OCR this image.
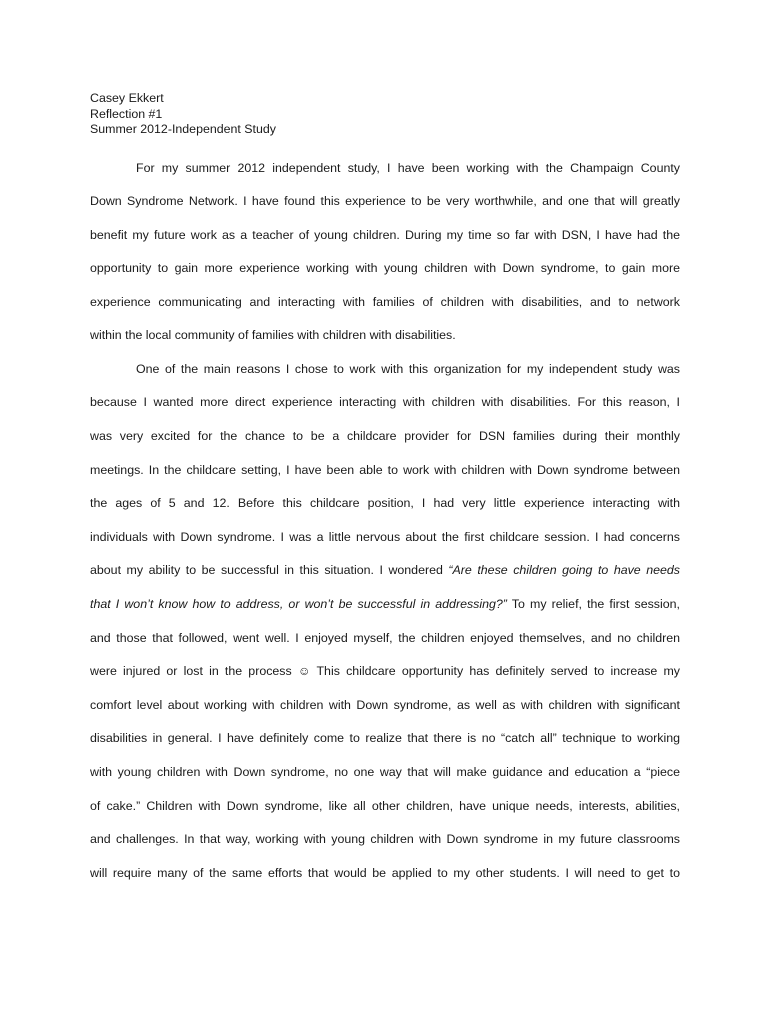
Casey Ekkert
Reflection #1
Summer 2012-Independent Study
For my summer 2012 independent study, I have been working with the Champaign County
Down Syndrome Network. I have found this experience to be very worthwhile, and one that will greatly
benefit my future work as a teacher of young children. During my time so far with DSN, I have had the
opportunity to gain more experience working with young children with Down syndrome, to gain more
experience communicating and interacting with families of children with disabilities, and to network
within the local community of families with children with disabilities.
One of the main reasons I chose to work with this organization for my independent study was
because I wanted more direct experience interacting with children with disabilities. For this reason, I
was very excited for the chance to be a childcare provider for DSN families during their monthly
meetings. In the childcare setting, I have been able to work with children with Down syndrome between
the ages of 5 and 12. Before this childcare position, I had very little experience interacting with
individuals with Down syndrome. I was a little nervous about the first childcare session. I had concerns
about my ability to be successful in this situation. I wondered “Are these children going to have needs
that I won’t know how to address, or won’t be successful in addressing?” To my relief, the first session,
and those that followed, went well. I enjoyed myself, the children enjoyed themselves, and no children
were injured or lost in the process ☺ This childcare opportunity has definitely served to increase my
comfort level about working with children with Down syndrome, as well as with children with significant
disabilities in general. I have definitely come to realize that there is no “catch all” technique to working
with young children with Down syndrome, no one way that will make guidance and education a “piece
of cake.” Children with Down syndrome, like all other children, have unique needs, interests, abilities,
and challenges. In that way, working with young children with Down syndrome in my future classrooms
will require many of the same efforts that would be applied to my other students. I will need to get to
